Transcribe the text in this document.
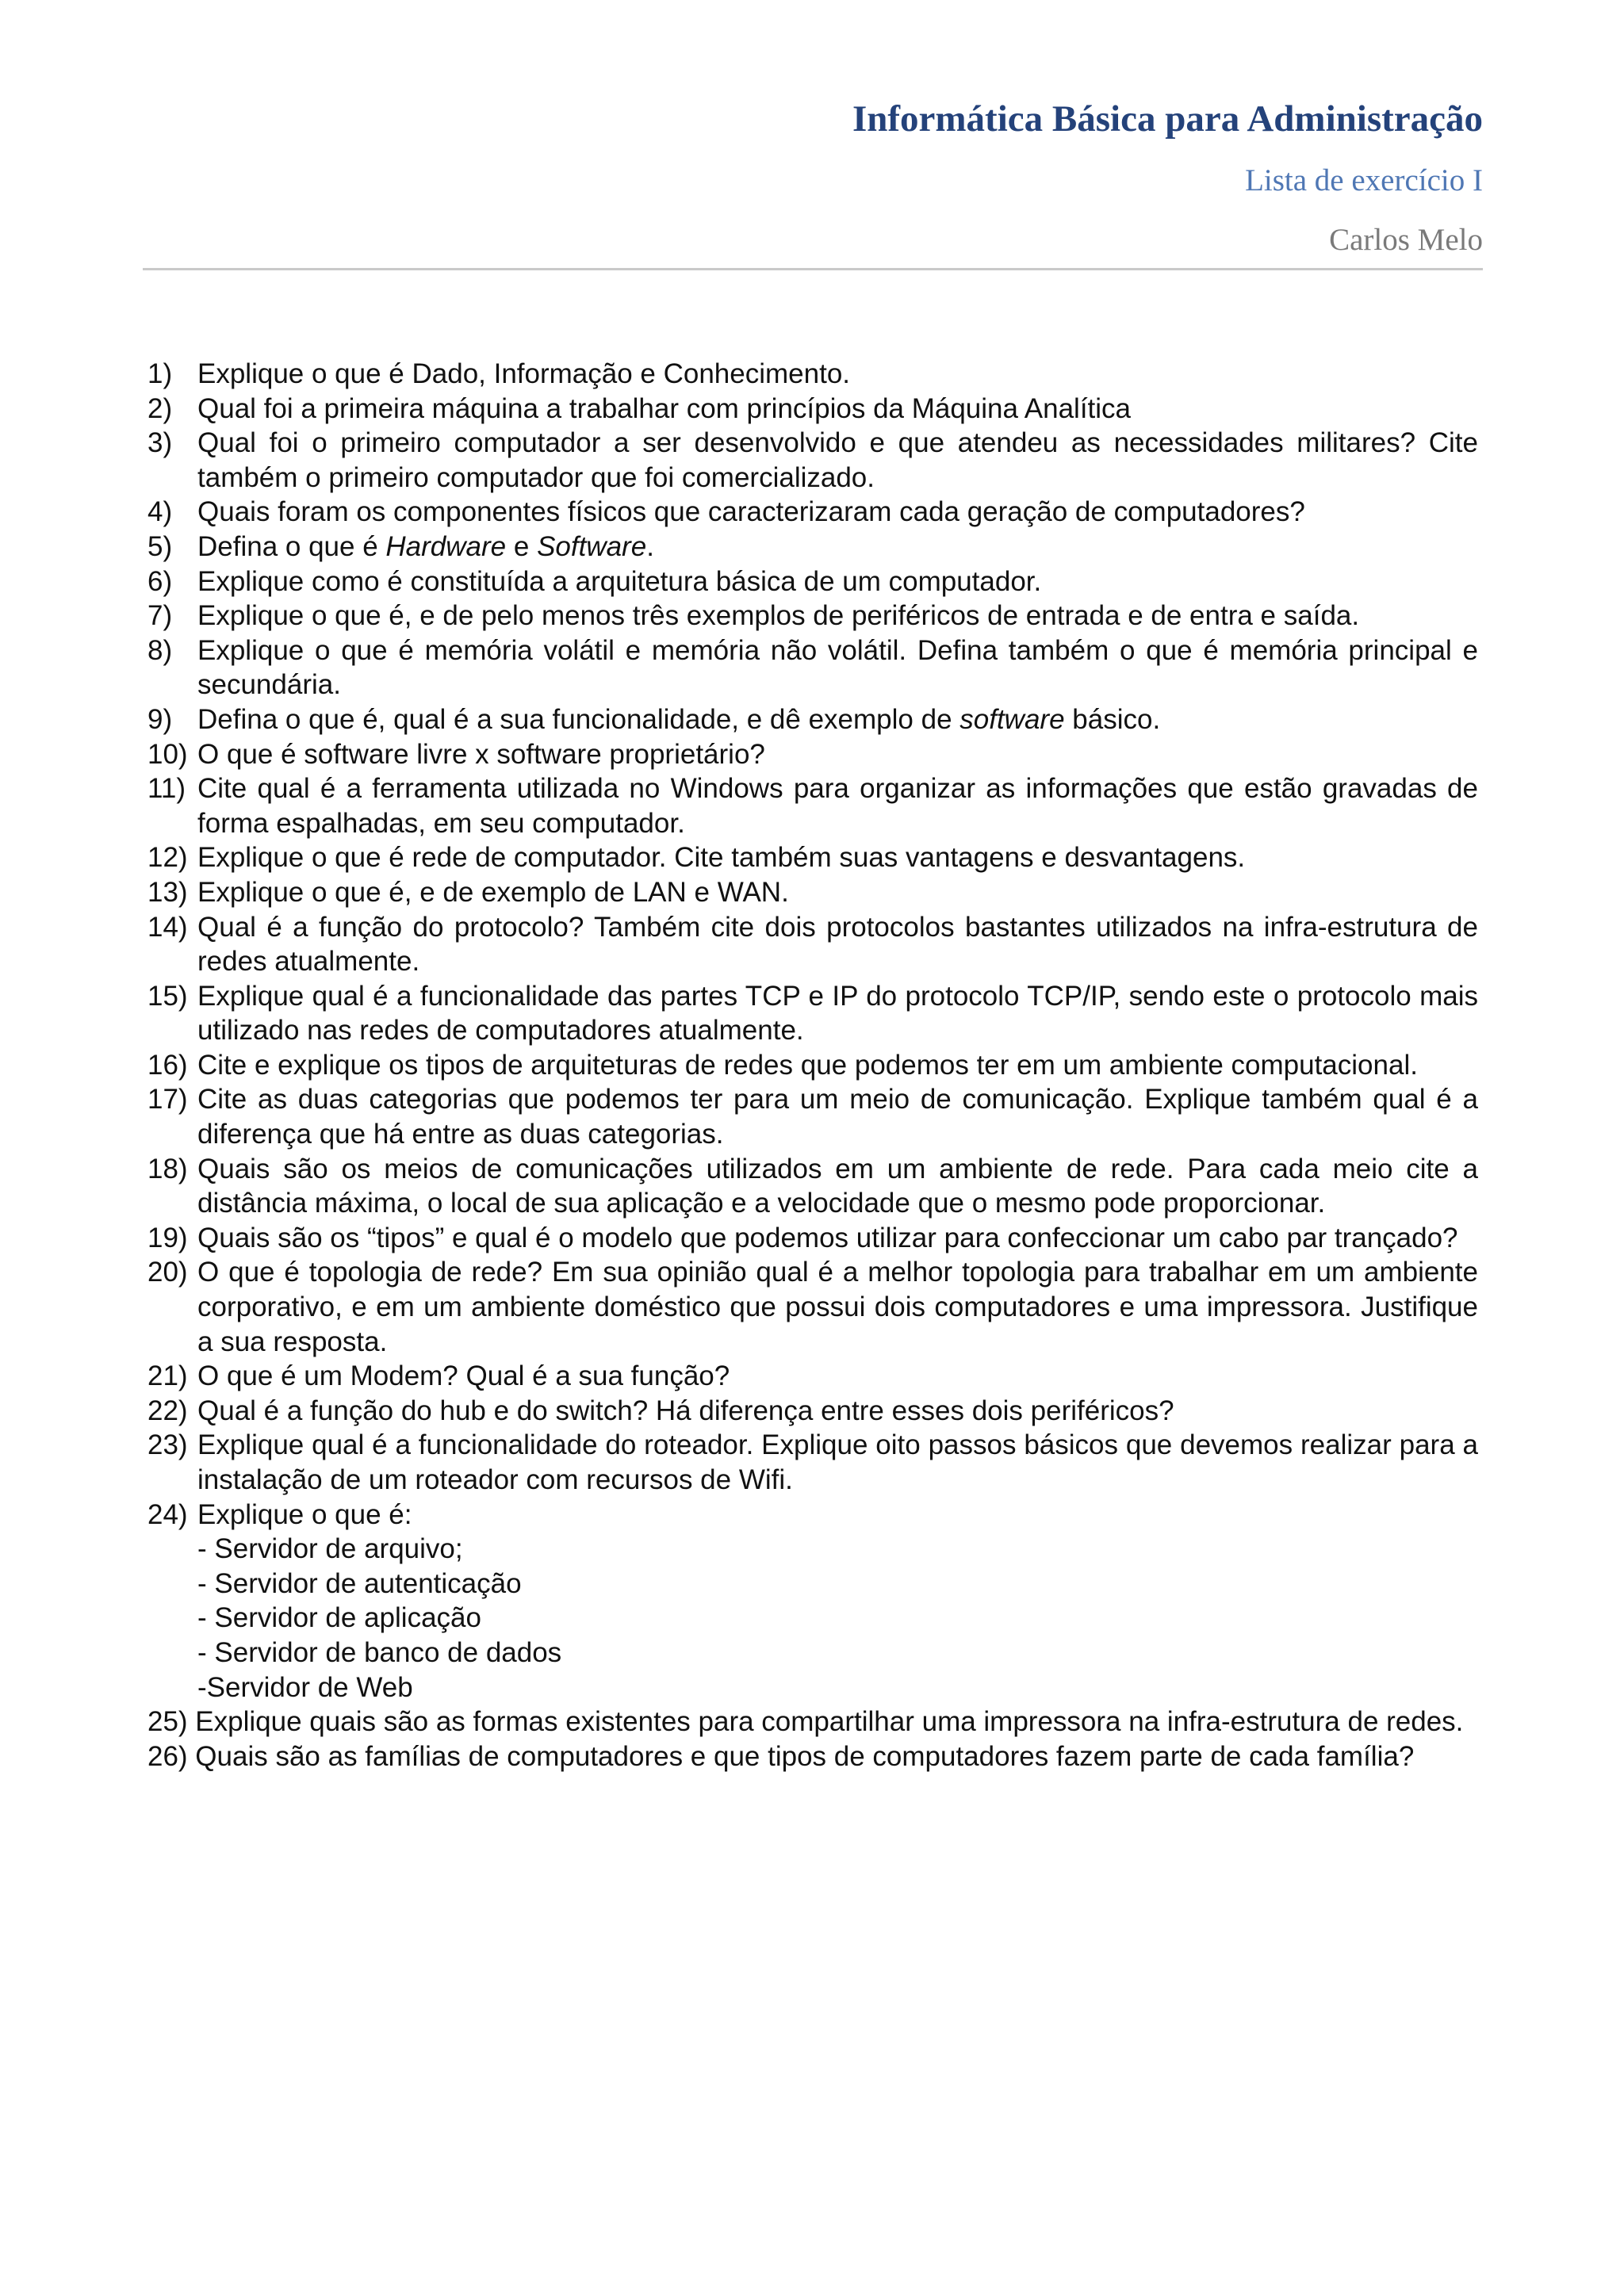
Informática Básica para Administração
Lista de exercício I
Carlos Melo
1) Explique o que é Dado, Informação e Conhecimento.
2) Qual foi a primeira máquina a trabalhar com princípios da Máquina Analítica
3) Qual foi o primeiro computador a ser desenvolvido e que atendeu as necessidades militares? Cite também o primeiro computador que foi comercializado.
4) Quais foram os componentes físicos que caracterizaram cada geração de computadores?
5) Defina o que é Hardware e Software.
6) Explique como é constituída a arquitetura básica de um computador.
7) Explique o que é, e de pelo menos três exemplos de periféricos de entrada e de entra e saída.
8) Explique o que é memória volátil e memória não volátil. Defina também o que é memória principal e secundária.
9) Defina o que é, qual é a sua funcionalidade, e dê exemplo de software básico.
10) O que é software livre x software proprietário?
11) Cite qual é a ferramenta utilizada no Windows para organizar as informações que estão gravadas de forma espalhadas, em seu computador.
12) Explique o que é rede de computador. Cite também suas vantagens e desvantagens.
13) Explique o que é, e de exemplo de LAN e WAN.
14) Qual é a função do protocolo? Também cite dois protocolos bastantes utilizados na infra-estrutura de redes atualmente.
15) Explique qual é a funcionalidade das partes TCP e IP do protocolo TCP/IP, sendo este o protocolo mais utilizado nas redes de computadores atualmente.
16) Cite e explique os tipos de arquiteturas de redes que podemos ter em um ambiente computacional.
17) Cite as duas categorias que podemos ter para um meio de comunicação. Explique também qual é a diferença que há entre as duas categorias.
18) Quais são os meios de comunicações utilizados em um ambiente de rede. Para cada meio cite a distância máxima, o local de sua aplicação e a velocidade que o mesmo pode proporcionar.
19) Quais são os “tipos” e qual é o modelo que podemos utilizar para confeccionar um cabo par trançado?
20) O que é topologia de rede? Em sua opinião qual é a melhor topologia para trabalhar em um ambiente corporativo, e em um ambiente doméstico que possui dois computadores e uma impressora. Justifique a sua resposta.
21) O que é um Modem? Qual é a sua função?
22) Qual é a função do hub e do switch? Há diferença entre esses dois periféricos?
23) Explique qual é a funcionalidade do roteador. Explique oito passos básicos que devemos realizar para a instalação de um roteador com recursos de Wifi.
24) Explique o que é:
- Servidor de arquivo;
- Servidor de autenticação
- Servidor de aplicação
- Servidor de banco de dados
-Servidor de Web
25) Explique quais são as formas existentes para compartilhar uma impressora na infra-estrutura de redes.
26) Quais são as famílias de computadores e que tipos de computadores fazem parte de cada família?
